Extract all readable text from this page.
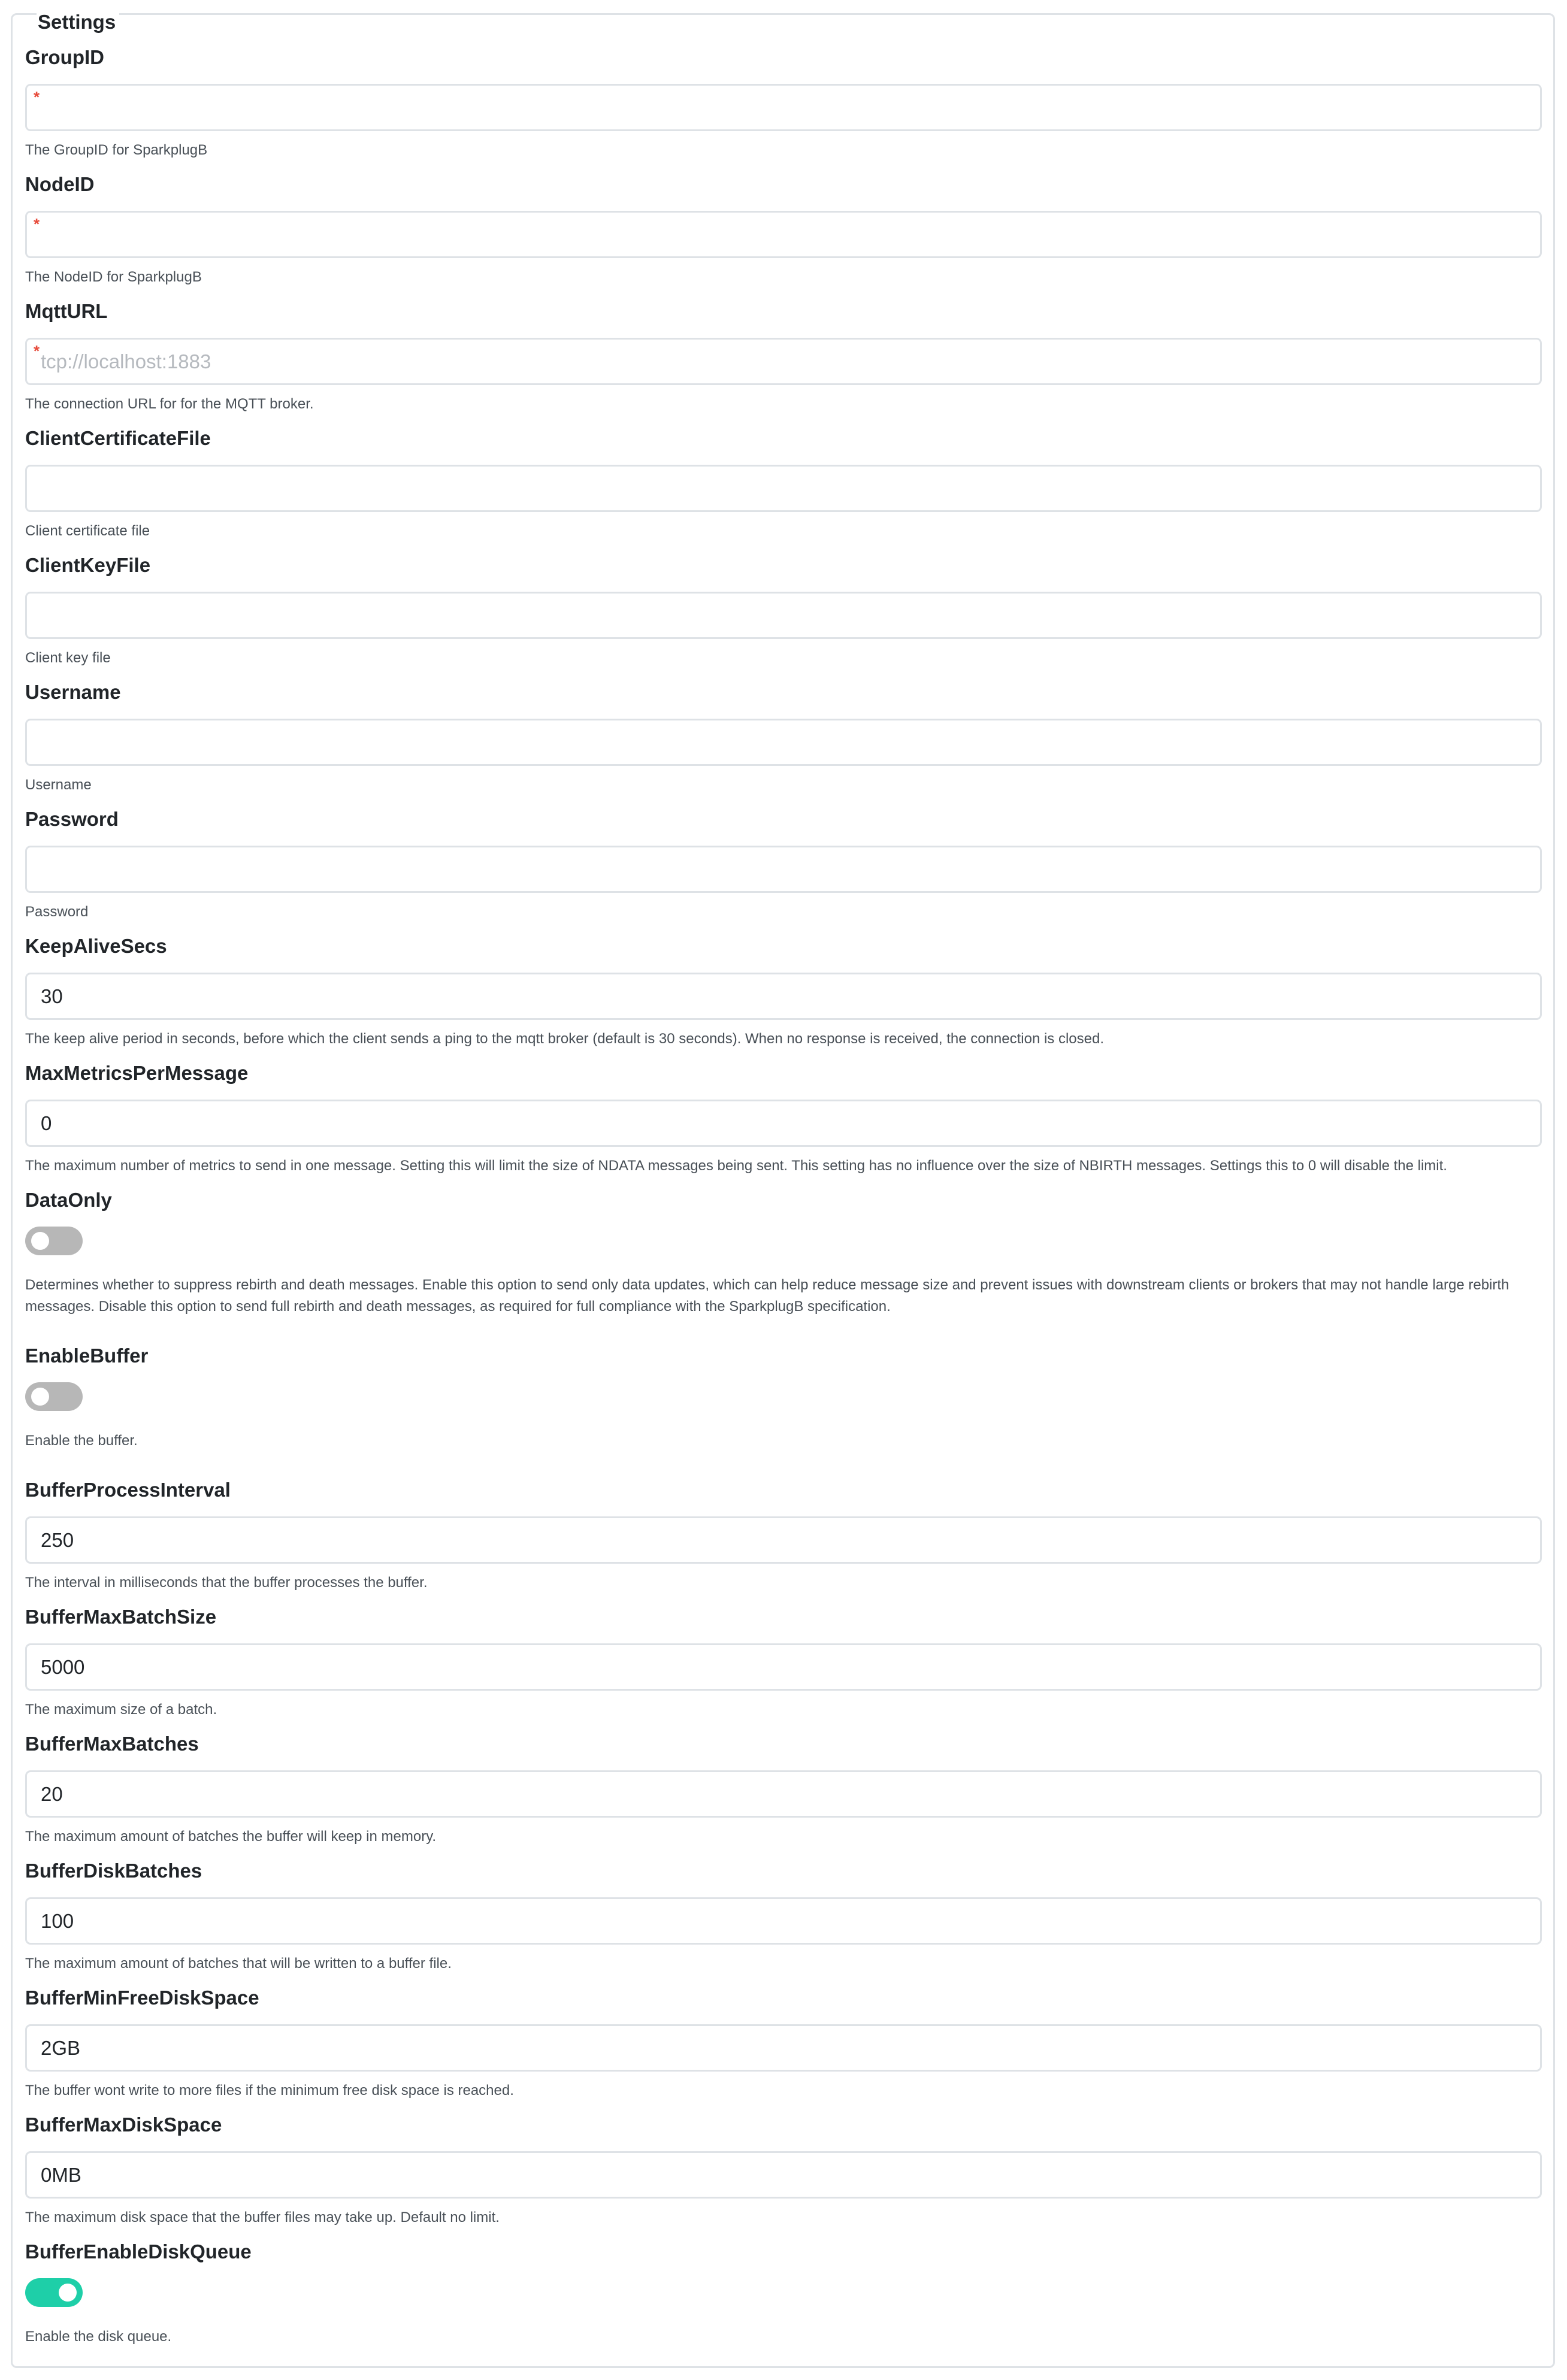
Settings
GroupID
*
The GroupID for SparkplugB
NodeID
*
The NodeID for SparkplugB
MqttURL
*
tcp://localhost:1883
The connection URL for for the MQTT broker.
ClientCertificateFile
Client certificate file
ClientKeyFile
Client key file
Username
Username
Password
Password
KeepAliveSecs
30
The keep alive period in seconds, before which the client sends a ping to the mqtt broker (default is 30 seconds). When no response is received, the connection is closed.
MaxMetricsPerMessage
0
The maximum number of metrics to send in one message. Setting this will limit the size of NDATA messages being sent. This setting has no influence over the size of NBIRTH messages. Settings this to 0 will disable the limit.
DataOnly
Determines whether to suppress rebirth and death messages. Enable this option to send only data updates, which can help reduce message size and prevent issues with downstream clients or brokers that may not handle large rebirth messages. Disable this option to send full rebirth and death messages, as required for full compliance with the SparkplugB specification.
EnableBuffer
Enable the buffer.
BufferProcessInterval
250
The interval in milliseconds that the buffer processes the buffer.
BufferMaxBatchSize
5000
The maximum size of a batch.
BufferMaxBatches
20
The maximum amount of batches the buffer will keep in memory.
BufferDiskBatches
100
The maximum amount of batches that will be written to a buffer file.
BufferMinFreeDiskSpace
2GB
The buffer wont write to more files if the minimum free disk space is reached.
BufferMaxDiskSpace
0MB
The maximum disk space that the buffer files may take up. Default no limit.
BufferEnableDiskQueue
Enable the disk queue.
